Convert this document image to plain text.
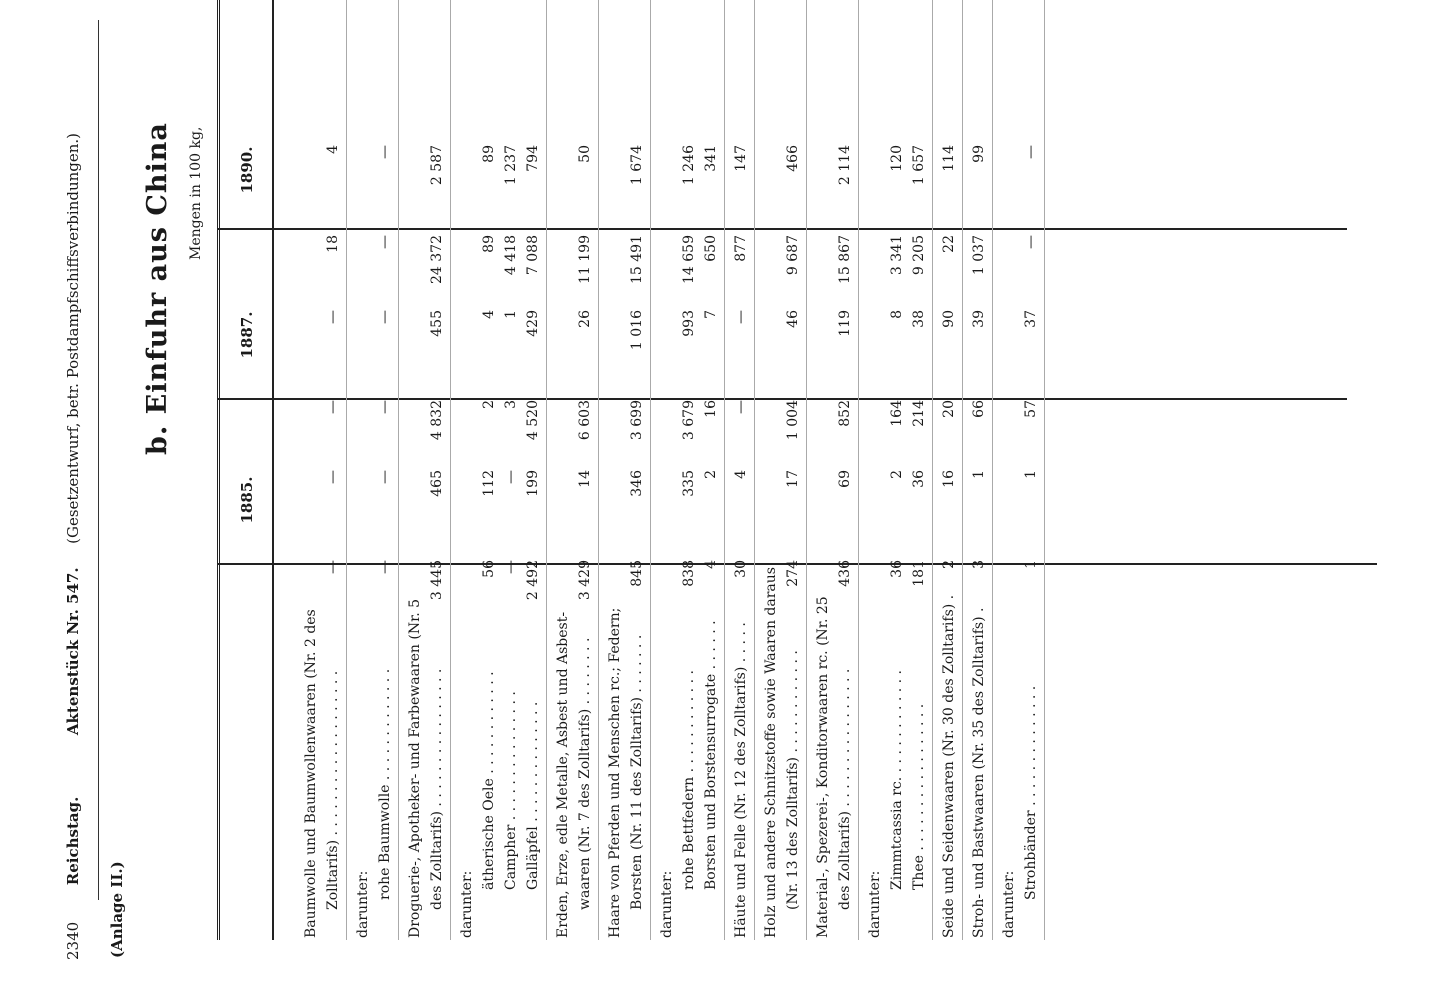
2340 Reichstag.  Aktenstück Nr. 547.  (Gesetzentwurf, betr. Postdampfschiffsverbindungen.)
(Anlage II.)
b. Einfuhr aus China Mengen in 100 kg,
1885.
1887.
1890.
Baumwolle und Baumwollenwaaren (Nr. 2 des Zolltarifs) . . . . . . . . . . . . . . . . . . .
—
—
—
—
18
4
darunter:
rohe Baumwolle . . . . . . . . . . . . .
—
—
—
—
—
—
Droguerie-, Apotheker- und Farbewaaren (Nr. 5 des Zolltarifs) . . . . . . . . . . . . . . . .
3 445
465
4 832
455
24 372
2 587
darunter:
ätherische Oele . . . . . . . . . . . .
56
112
2
4
89
89
Campher . . . . . . . . . . . . . . .
—
—
3
1
4 418
1 237
Galläpfel . . . . . . . . . . . . . .
2 492
199
4 520
429
7 088
794
Erden, Erze, edle Metalle, Asbest und Asbest- waaren (Nr. 7 des Zolltarifs) . . . . . . . .
3 429
14
6 603
26
11 199
50
Haare von Pferden und Menschen rc.; Federn; Borsten (Nr. 11 des Zolltarifs) . . . . . . .
845
346
3 699
1 016
15 491
1 674
darunter:
rohe Bettfedern . . . . . . . . . . . .
838
335
3 679
993
14 659
1 246
Borsten und Borstensurrogate . . . . . .
4
2
16
7
650
341
Häute und Felle (Nr. 12 des Zolltarifs) . . . . .
30
4
—
—
877
147
Holz und andere Schnitzstoffe sowie Waaren daraus (Nr. 13 des Zolltarifs) . . . . . . . . . . . .
274
17
1 004
46
9 687
466
Material-, Spezerei-, Konditorwaaren rc. (Nr. 25 des Zolltarifs) . . . . . . . . . . . . . . . .
436
69
852
119
15 867
2 114
darunter:
Zimmtcassia rc. . . . . . . . . . . . .
36
2
164
8
3 341
120
Thee . . . . . . . . . . . . . . . . .
181
36
214
38
9 205
1 657
Seide und Seidenwaaren (Nr. 30 des Zolltarifs) .
2
16
20
90
22
114
Stroh- und Bastwaaren (Nr. 35 des Zolltarifs) .
3
1
66
39
1 037
99
darunter:
Strohbänder . . . . . . . . . . . . . .
1
1
57
37
—
—
